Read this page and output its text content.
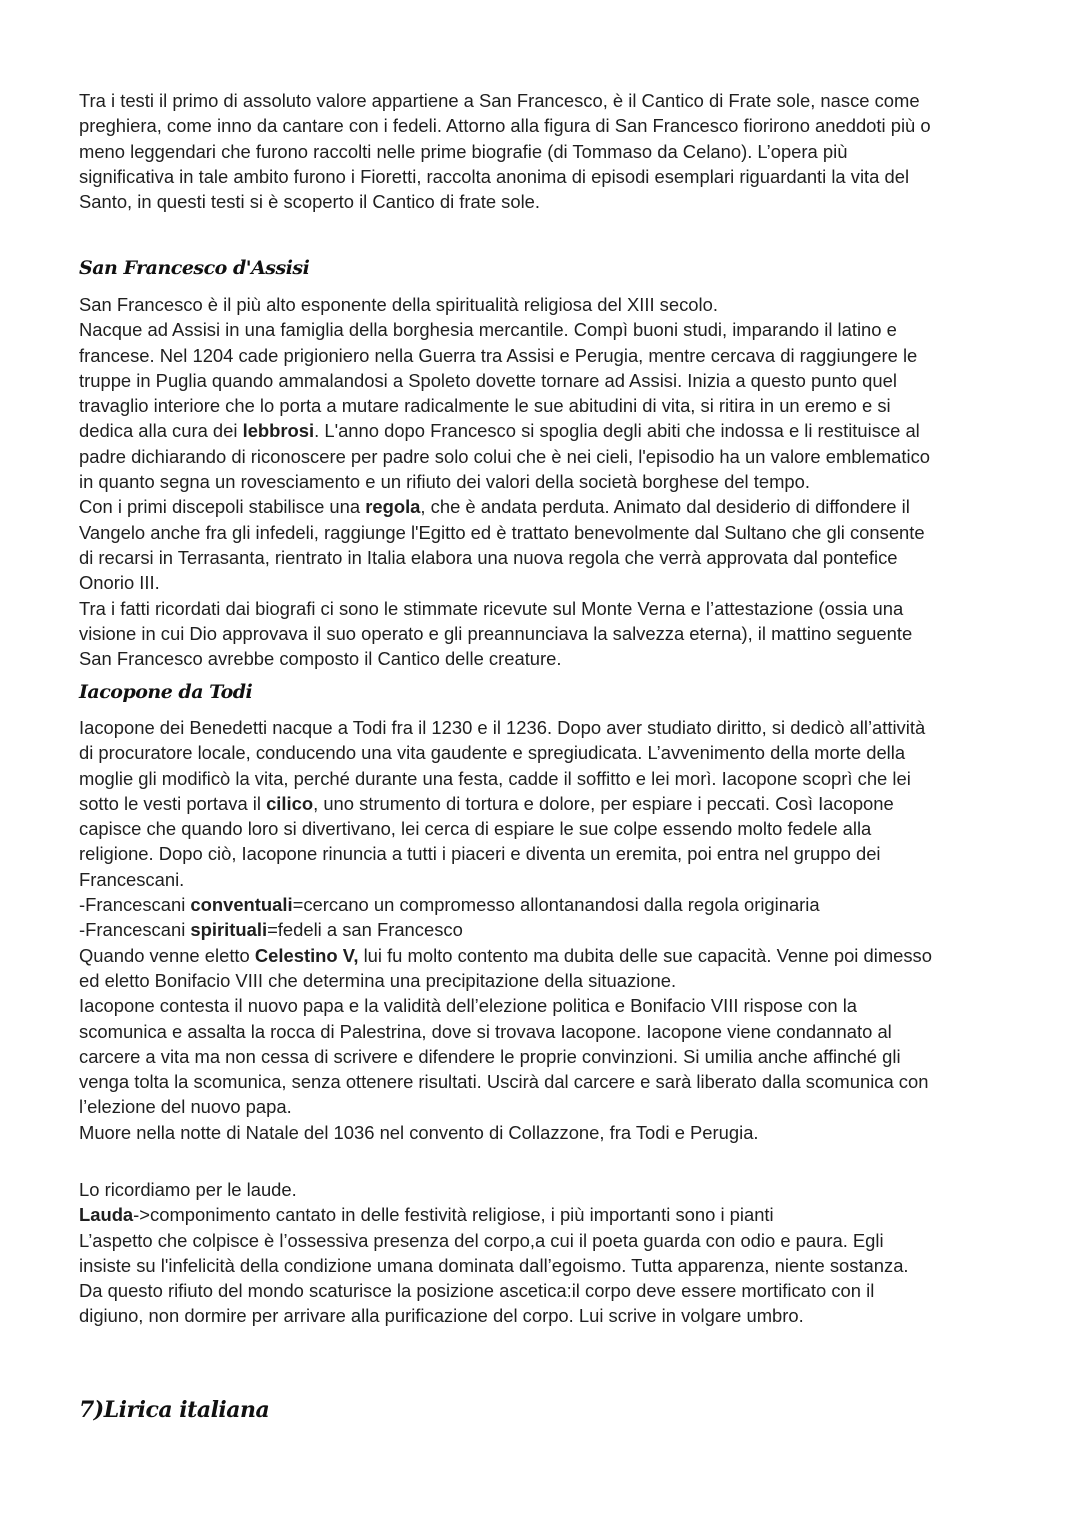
Tra i testi il primo di assoluto valore appartiene a San Francesco, è il Cantico di Frate sole, nasce come
preghiera, come inno da cantare con i fedeli. Attorno alla figura di San Francesco fiorirono aneddoti più o
meno leggendari che furono raccolti nelle prime biografie (di Tommaso da Celano). L’opera più
significativa in tale ambito furono i Fioretti, raccolta anonima di episodi esemplari riguardanti la vita del
Santo, in questi testi si è scoperto il Cantico di frate sole.
San Francesco d'Assisi
San Francesco è il più alto esponente della spiritualità religiosa del XIII secolo.
Nacque ad Assisi in una famiglia della borghesia mercantile. Compì buoni studi, imparando il latino e
francese. Nel 1204 cade prigioniero nella Guerra tra Assisi e Perugia, mentre cercava di raggiungere le
truppe in Puglia quando ammalandosi a Spoleto dovette tornare ad Assisi. Inizia a questo punto quel
travaglio interiore che lo porta a mutare radicalmente le sue abitudini di vita, si ritira in un eremo e si
dedica alla cura dei lebbrosi. L'anno dopo Francesco si spoglia degli abiti che indossa e li restituisce al
padre dichiarando di riconoscere per padre solo colui che è nei cieli, l'episodio ha un valore emblematico
in quanto segna un rovesciamento e un rifiuto dei valori della società borghese del tempo.
Con i primi discepoli stabilisce una regola, che è andata perduta. Animato dal desiderio di diffondere il
Vangelo anche fra gli infedeli, raggiunge l'Egitto ed è trattato benevolmente dal Sultano che gli consente
di recarsi in Terrasanta, rientrato in Italia elabora una nuova regola che verrà approvata dal pontefice
Onorio III.
Tra i fatti ricordati dai biografi ci sono le stimmate ricevute sul Monte Verna e l’attestazione (ossia una
visione in cui Dio approvava il suo operato e gli preannunciava la salvezza eterna), il mattino seguente
San Francesco avrebbe composto il Cantico delle creature.
Iacopone da Todi
Iacopone dei Benedetti nacque a Todi fra il 1230 e il 1236. Dopo aver studiato diritto, si dedicò all’attività
di procuratore locale, conducendo una vita gaudente e spregiudicata. L’avvenimento della morte della
moglie gli modificò la vita, perché durante una festa, cadde il soffitto e lei morì. Iacopone scoprì che lei
sotto le vesti portava il cilico, uno strumento di tortura e dolore, per espiare i peccati. Così Iacopone
capisce che quando loro si divertivano, lei cerca di espiare le sue colpe essendo molto fedele alla
religione. Dopo ciò, Iacopone rinuncia a tutti i piaceri e diventa un eremita, poi entra nel gruppo dei
Francescani.
-Francescani conventuali=cercano un compromesso allontanandosi dalla regola originaria
-Francescani spirituali=fedeli a san Francesco
Quando venne eletto Celestino V, lui fu molto contento ma dubita delle sue capacità. Venne poi dimesso
ed eletto Bonifacio VIII che determina una precipitazione della situazione.
Iacopone contesta il nuovo papa e la validità dell’elezione politica e Bonifacio VIII rispose con la
scomunica e assalta la rocca di Palestrina, dove si trovava Iacopone. Iacopone viene condannato al
carcere a vita ma non cessa di scrivere e difendere le proprie convinzioni. Si umilia anche affinché gli
venga tolta la scomunica, senza ottenere risultati. Uscirà dal carcere e sarà liberato dalla scomunica con
l’elezione del nuovo papa.
Muore nella notte di Natale del 1036 nel convento di Collazzone, fra Todi e Perugia.
Lo ricordiamo per le laude.
Lauda->componimento cantato in delle festività religiose, i più importanti sono i pianti
L’aspetto che colpisce è l’ossessiva presenza del corpo,a cui il poeta guarda con odio e paura. Egli
insiste su l'infelicità della condizione umana dominata dall’egoismo. Tutta apparenza, niente sostanza.
Da questo rifiuto del mondo scaturisce la posizione ascetica:il corpo deve essere mortificato con il
digiuno, non dormire per arrivare alla purificazione del corpo. Lui scrive in volgare umbro.
7)Lirica italiana
